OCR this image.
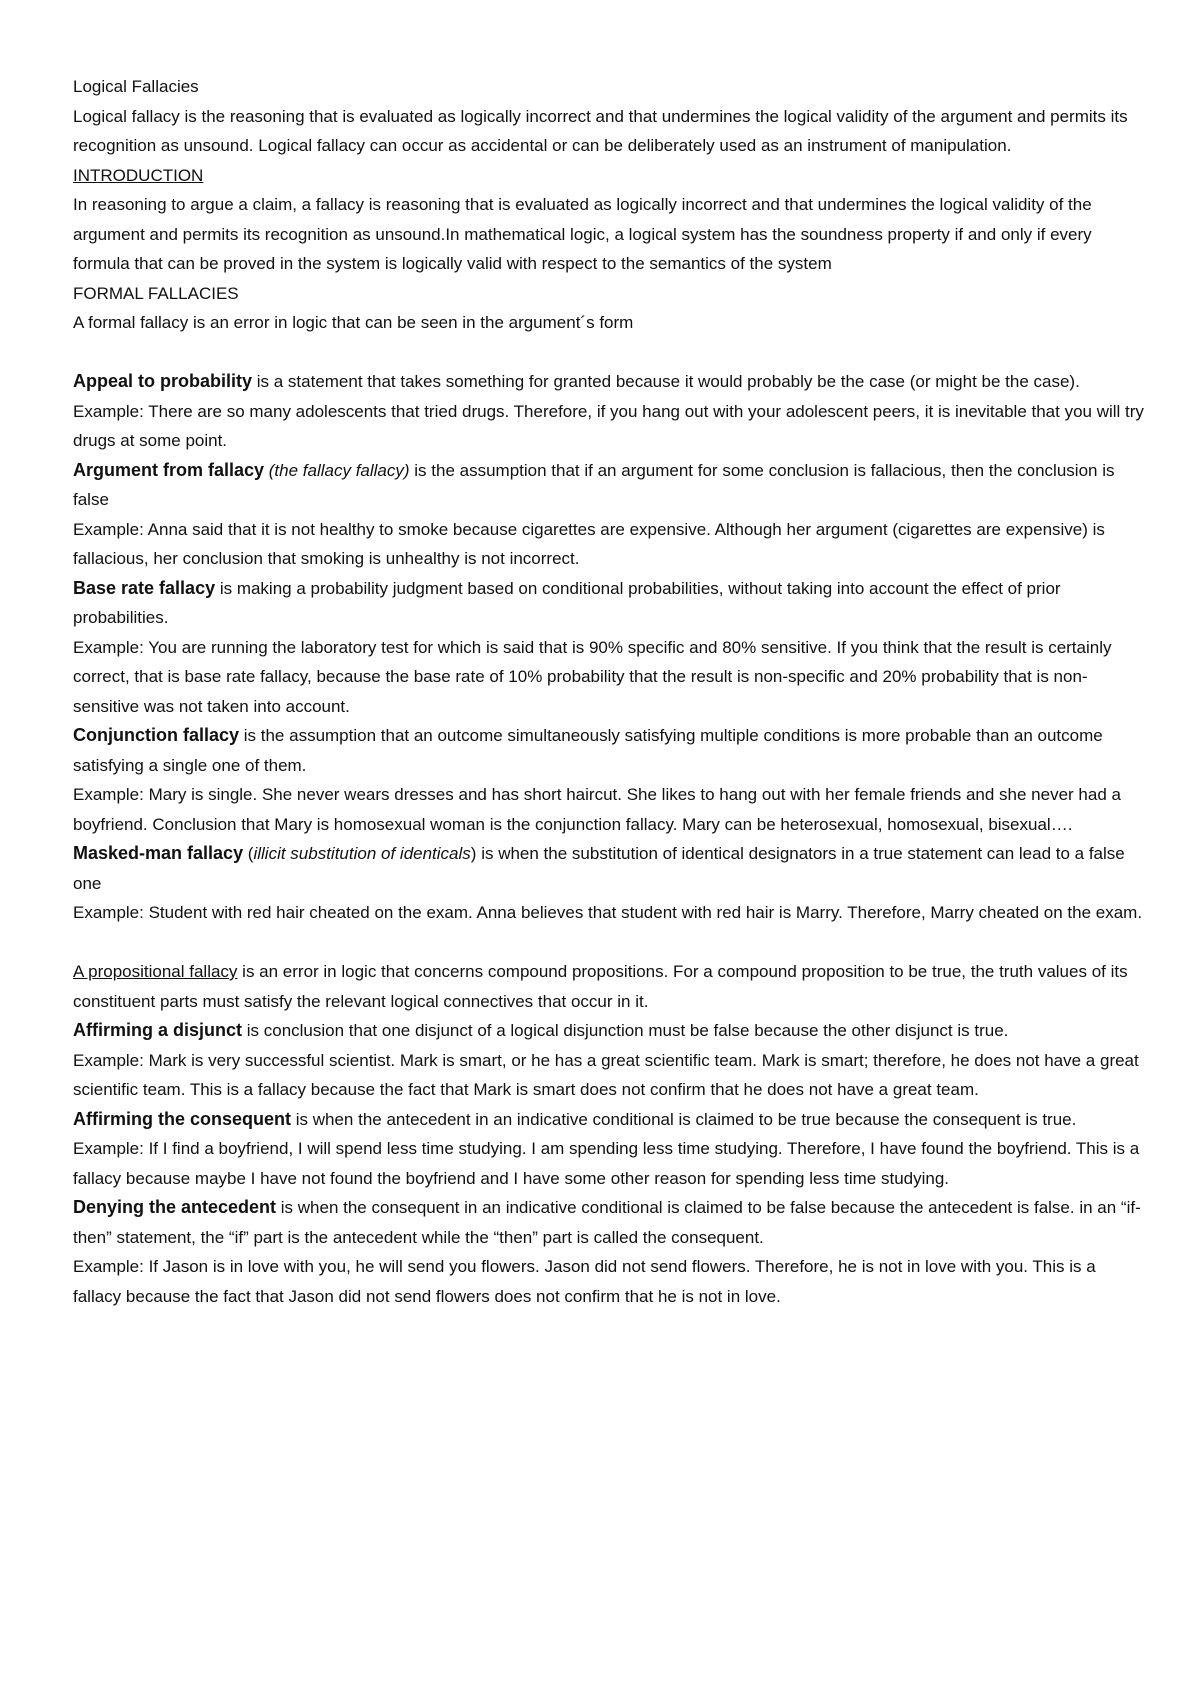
Logical Fallacies

Logical fallacy is the reasoning that is evaluated as logically incorrect and that undermines the logical validity of the argument and permits its recognition as unsound. Logical fallacy can occur as accidental or can be deliberately used as an instrument of manipulation.

INTRODUCTION

In reasoning to argue a claim, a fallacy is reasoning that is evaluated as logically incorrect and that undermines the logical validity of the argument and permits its recognition as unsound.In mathematical logic, a logical system has the soundness property if and only if every formula that can be proved in the system is logically valid with respect to the semantics of the system

FORMAL FALLACIES

A formal fallacy is an error in logic that can be seen in the argument´s form

Appeal to probability is a statement that takes something for granted because it would probably be the case (or might be the case).

Example: There are so many adolescents that tried drugs. Therefore, if you hang out with your adolescent peers, it is inevitable that you will try drugs at some point.

Argument from fallacy (the fallacy fallacy) is the assumption that if an argument for some conclusion is fallacious, then the conclusion is false

Example: Anna said that it is not healthy to smoke because cigarettes are expensive. Although her argument (cigarettes are expensive) is fallacious, her conclusion that smoking is unhealthy is not incorrect.

Base rate fallacy is making a probability judgment based on conditional probabilities, without taking into account the effect of prior probabilities.

Example: You are running the laboratory test for which is said that is 90% specific and 80% sensitive. If you think that the result is certainly correct, that is base rate fallacy, because the base rate of 10% probability that the result is non-specific and 20% probability that is non-sensitive was not taken into account.

Conjunction fallacy is the assumption that an outcome simultaneously satisfying multiple conditions is more probable than an outcome satisfying a single one of them.

Example: Mary is single. She never wears dresses and has short haircut. She likes to hang out with her female friends and she never had a boyfriend. Conclusion that Mary is homosexual woman is the conjunction fallacy. Mary can be heterosexual, homosexual, bisexual….

Masked-man fallacy (illicit substitution of identicals) is when the substitution of identical designators in a true statement can lead to a false one

Example: Student with red hair cheated on the exam. Anna believes that student with red hair is Marry. Therefore, Marry cheated on the exam.

A propositional fallacy is an error in logic that concerns compound propositions. For a compound proposition to be true, the truth values of its constituent parts must satisfy the relevant logical connectives that occur in it.

Affirming a disjunct is conclusion that one disjunct of a logical disjunction must be false because the other disjunct is true.

Example: Mark is very successful scientist. Mark is smart, or he has a great scientific team. Mark is smart; therefore, he does not have a great scientific team. This is a fallacy because the fact that Mark is smart does not confirm that he does not have a great team.

Affirming the consequent is when the antecedent in an indicative conditional is claimed to be true because the consequent is true.

Example: If I find a boyfriend, I will spend less time studying. I am spending less time studying. Therefore, I have found the boyfriend. This is a fallacy because maybe I have not found the boyfriend and I have some other reason for spending less time studying.

Denying the antecedent is when the consequent in an indicative conditional is claimed to be false because the antecedent is false. in an “if-then” statement, the “if” part is the antecedent while the “then” part is called the consequent.

Example: If Jason is in love with you, he will send you flowers. Jason did not send flowers. Therefore, he is not in love with you. This is a fallacy because the fact that Jason did not send flowers does not confirm that he is not in love.
